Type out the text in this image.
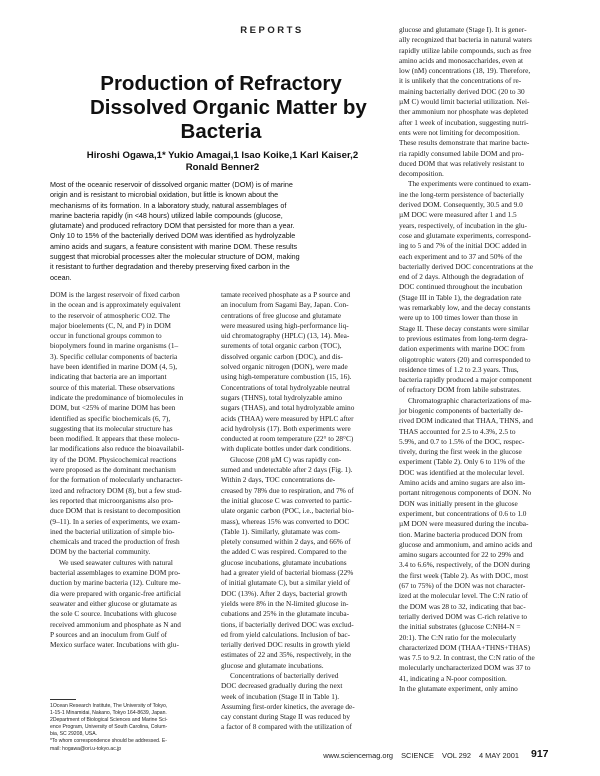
REPORTS
Production of Refractory
Dissolved Organic Matter by
Bacteria
Hiroshi Ogawa,1* Yukio Amagai,1 Isao Koike,1 Karl Kaiser,2
Ronald Benner2
Most of the oceanic reservoir of dissolved organic matter (DOM) is of marine
origin and is resistant to microbial oxidation, but little is known about the
mechanisms of its formation. In a laboratory study, natural assemblages of
marine bacteria rapidly (in <48 hours) utilized labile compounds (glucose,
glutamate) and produced refractory DOM that persisted for more than a year.
Only 10 to 15% of the bacterially derived DOM was identified as hydrolyzable
amino acids and sugars, a feature consistent with marine DOM. These results
suggest that microbial processes alter the molecular structure of DOM, making
it resistant to further degradation and thereby preserving fixed carbon in the
ocean.
DOM is the largest reservoir of fixed carbon
in the ocean and is approximately equivalent
to the reservoir of atmospheric CO2. The
major bioelements (C, N, and P) in DOM
occur in functional groups common to
biopolymers found in marine organisms (1–
3). Specific cellular components of bacteria
have been identified in marine DOM (4, 5),
indicating that bacteria are an important
source of this material. These observations
indicate the predominance of biomolecules in
DOM, but <25% of marine DOM has been
identified as specific biochemicals (6, 7),
suggesting that its molecular structure has
been modified. It appears that these molecu-
lar modifications also reduce the bioavailabil-
ity of the DOM. Physicochemical reactions
were proposed as the dominant mechanism
for the formation of molecularly uncharacter-
ized and refractory DOM (8), but a few stud-
ies reported that microorganisms also pro-
duce DOM that is resistant to decomposition
(9–11). In a series of experiments, we exam-
ined the bacterial utilization of simple bio-
chemicals and traced the production of fresh
DOM by the bacterial community.
We used seawater cultures with natural
bacterial assemblages to examine DOM pro-
duction by marine bacteria (12). Culture me-
dia were prepared with organic-free artificial
seawater and either glucose or glutamate as
the sole C source. Incubations with glucose
received ammonium and phosphate as N and
P sources and an inoculum from Gulf of
Mexico surface water. Incubations with glu-
tamate received phosphate as a P source and
an inoculum from Sagami Bay, Japan. Con-
centrations of free glucose and glutamate
were measured using high-performance liq-
uid chromatography (HPLC) (13, 14). Mea-
surements of total organic carbon (TOC),
dissolved organic carbon (DOC), and dis-
solved organic nitrogen (DON), were made
using high-temperature combustion (15, 16).
Concentrations of total hydrolyzable neutral
sugars (THNS), total hydrolyzable amino
sugars (THAS), and total hydrolyzable amino
acids (THAA) were measured by HPLC after
acid hydrolysis (17). Both experiments were
conducted at room temperature (22° to 28°C)
with duplicate bottles under dark conditions.
Glucose (208 µM C) was rapidly con-
sumed and undetectable after 2 days (Fig. 1).
Within 2 days, TOC concentrations de-
creased by 78% due to respiration, and 7% of
the initial glucose C was converted to partic-
ulate organic carbon (POC, i.e., bacterial bio-
mass), whereas 15% was converted to DOC
(Table 1). Similarly, glutamate was com-
pletely consumed within 2 days, and 66% of
the added C was respired. Compared to the
glucose incubations, glutamate incubations
had a greater yield of bacterial biomass (22%
of initial glutamate C), but a similar yield of
DOC (13%). After 2 days, bacterial growth
yields were 8% in the N-limited glucose in-
cubations and 25% in the glutamate incuba-
tions, if bacterially derived DOC was exclud-
ed from yield calculations. Inclusion of bac-
terially derived DOC results in growth yield
estimates of 22 and 35%, respectively, in the
glucose and glutamate incubations.
Concentrations of bacterially derived
DOC decreased gradually during the next
week of incubation (Stage II in Table 1).
Assuming first-order kinetics, the average de-
cay constant during Stage II was reduced by
a factor of 8 compared with the utilization of
glucose and glutamate (Stage I). It is gener-
ally recognized that bacteria in natural waters
rapidly utilize labile compounds, such as free
amino acids and monosaccharides, even at
low (nM) concentrations (18, 19). Therefore,
it is unlikely that the concentrations of re-
maining bacterially derived DOC (20 to 30
µM C) would limit bacterial utilization. Nei-
ther ammonium nor phosphate was depleted
after 1 week of incubation, suggesting nutri-
ents were not limiting for decomposition.
These results demonstrate that marine bacte-
ria rapidly consumed labile DOM and pro-
duced DOM that was relatively resistant to
decomposition.
The experiments were continued to exam-
ine the long-term persistence of bacterially
derived DOM. Consequently, 30.5 and 9.0
µM DOC were measured after 1 and 1.5
years, respectively, of incubation in the glu-
cose and glutamate experiments, correspond-
ing to 5 and 7% of the initial DOC added in
each experiment and to 37 and 50% of the
bacterially derived DOC concentrations at the
end of 2 days. Although the degradation of
DOC continued throughout the incubation
(Stage III in Table 1), the degradation rate
was remarkably low, and the decay constants
were up to 100 times lower than those in
Stage II. These decay constants were similar
to previous estimates from long-term degra-
dation experiments with marine DOC from
oligotrophic waters (20) and corresponded to
residence times of 1.2 to 2.3 years. Thus,
bacteria rapidly produced a major component
of refractory DOM from labile substrates.
Chromatographic characterizations of ma-
jor biogenic components of bacterially de-
rived DOM indicated that THAA, THNS, and
THAS accounted for 2.5 to 4.3%, 2.5 to
5.9%, and 0.7 to 1.5% of the DOC, respec-
tively, during the first week in the glucose
experiment (Table 2). Only 6 to 11% of the
DOC was identified at the molecular level.
Amino acids and amino sugars are also im-
portant nitrogenous components of DON. No
DON was initially present in the glucose
experiment, but concentrations of 0.6 to 1.0
µM DON were measured during the incuba-
tion. Marine bacteria produced DON from
glucose and ammonium, and amino acids and
amino sugars accounted for 22 to 29% and
3.4 to 6.6%, respectively, of the DON during
the first week (Table 2). As with DOC, most
(67 to 75%) of the DON was not character-
ized at the molecular level. The C:N ratio of
the DOM was 28 to 32, indicating that bac-
terially derived DOM was C-rich relative to
the initial substrates (glucose C:NH4-N =
20:1). The C:N ratio for the molecularly
characterized DOM (THAA+THNS+THAS)
was 7.5 to 9.2. In contrast, the C:N ratio of the
molecularly uncharacterized DOM was 37 to
41, indicating a N-poor composition.
In the glutamate experiment, only amino
1Ocean Research Institute, The University of Tokyo,
1-15-1 Minamidai, Nakano, Tokyo 164-8639, Japan.
2Department of Biological Sciences and Marine Sci-
ence Program, University of South Carolina, Colum-
bia, SC 29208, USA.
*To whom correspondence should be addressed. E-
mail: hogawa@ori.u-tokyo.ac.jp
www.sciencemag.org SCIENCE VOL 292 4 MAY 2001 917
